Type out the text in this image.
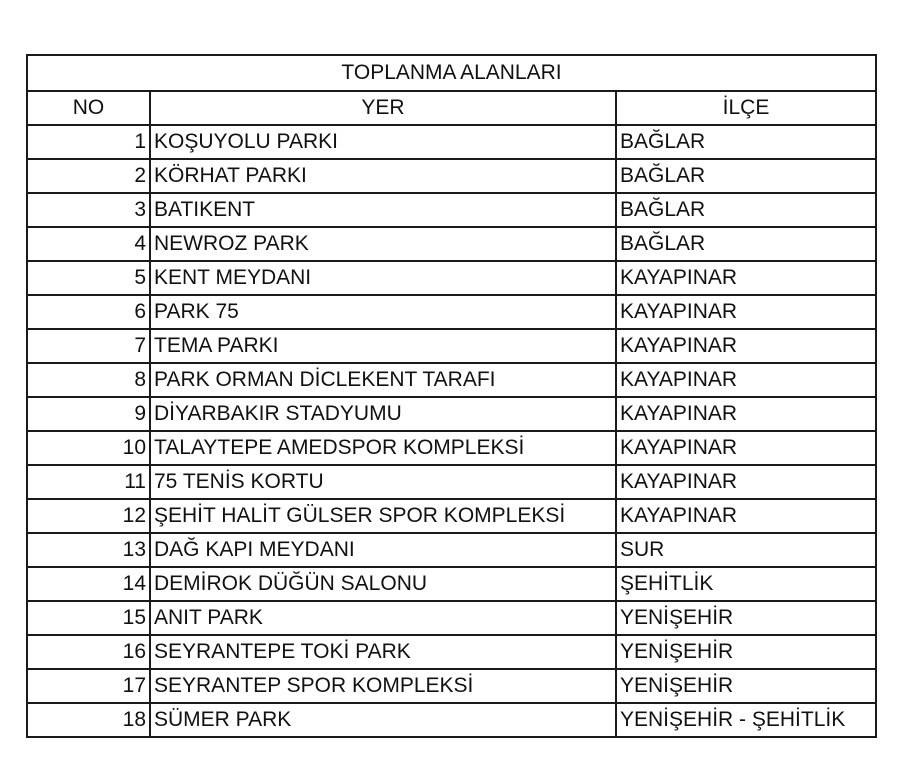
TOPLANMA ALANLARI		
NO	YER	İLÇE
1	KOŞUYOLU PARKI	BAĞLAR
2	KÖRHAT PARKI	BAĞLAR
3	BATIKENT	BAĞLAR
4	NEWROZ PARK	BAĞLAR
5	KENT MEYDANI	KAYAPINAR
6	PARK 75	KAYAPINAR
7	TEMA PARKI	KAYAPINAR
8	PARK ORMAN DİCLEKENT TARAFI	KAYAPINAR
9	DİYARBAKIR STADYUMU	KAYAPINAR
10	TALAYTEPE AMEDSPOR KOMPLEKSİ	KAYAPINAR
11	75 TENİS KORTU	KAYAPINAR
12	ŞEHİT HALİT GÜLSER SPOR KOMPLEKSİ	KAYAPINAR
13	DAĞ KAPI MEYDANI	SUR
14	DEMİROK DÜĞÜN SALONU	ŞEHİTLİK
15	ANIT PARK	YENİŞEHİR
16	SEYRANTEPE TOKİ PARK	YENİŞEHİR
17	SEYRANTEP SPOR KOMPLEKSİ	YENİŞEHİR
18	SÜMER PARK	YENİŞEHİR - ŞEHİTLİK
